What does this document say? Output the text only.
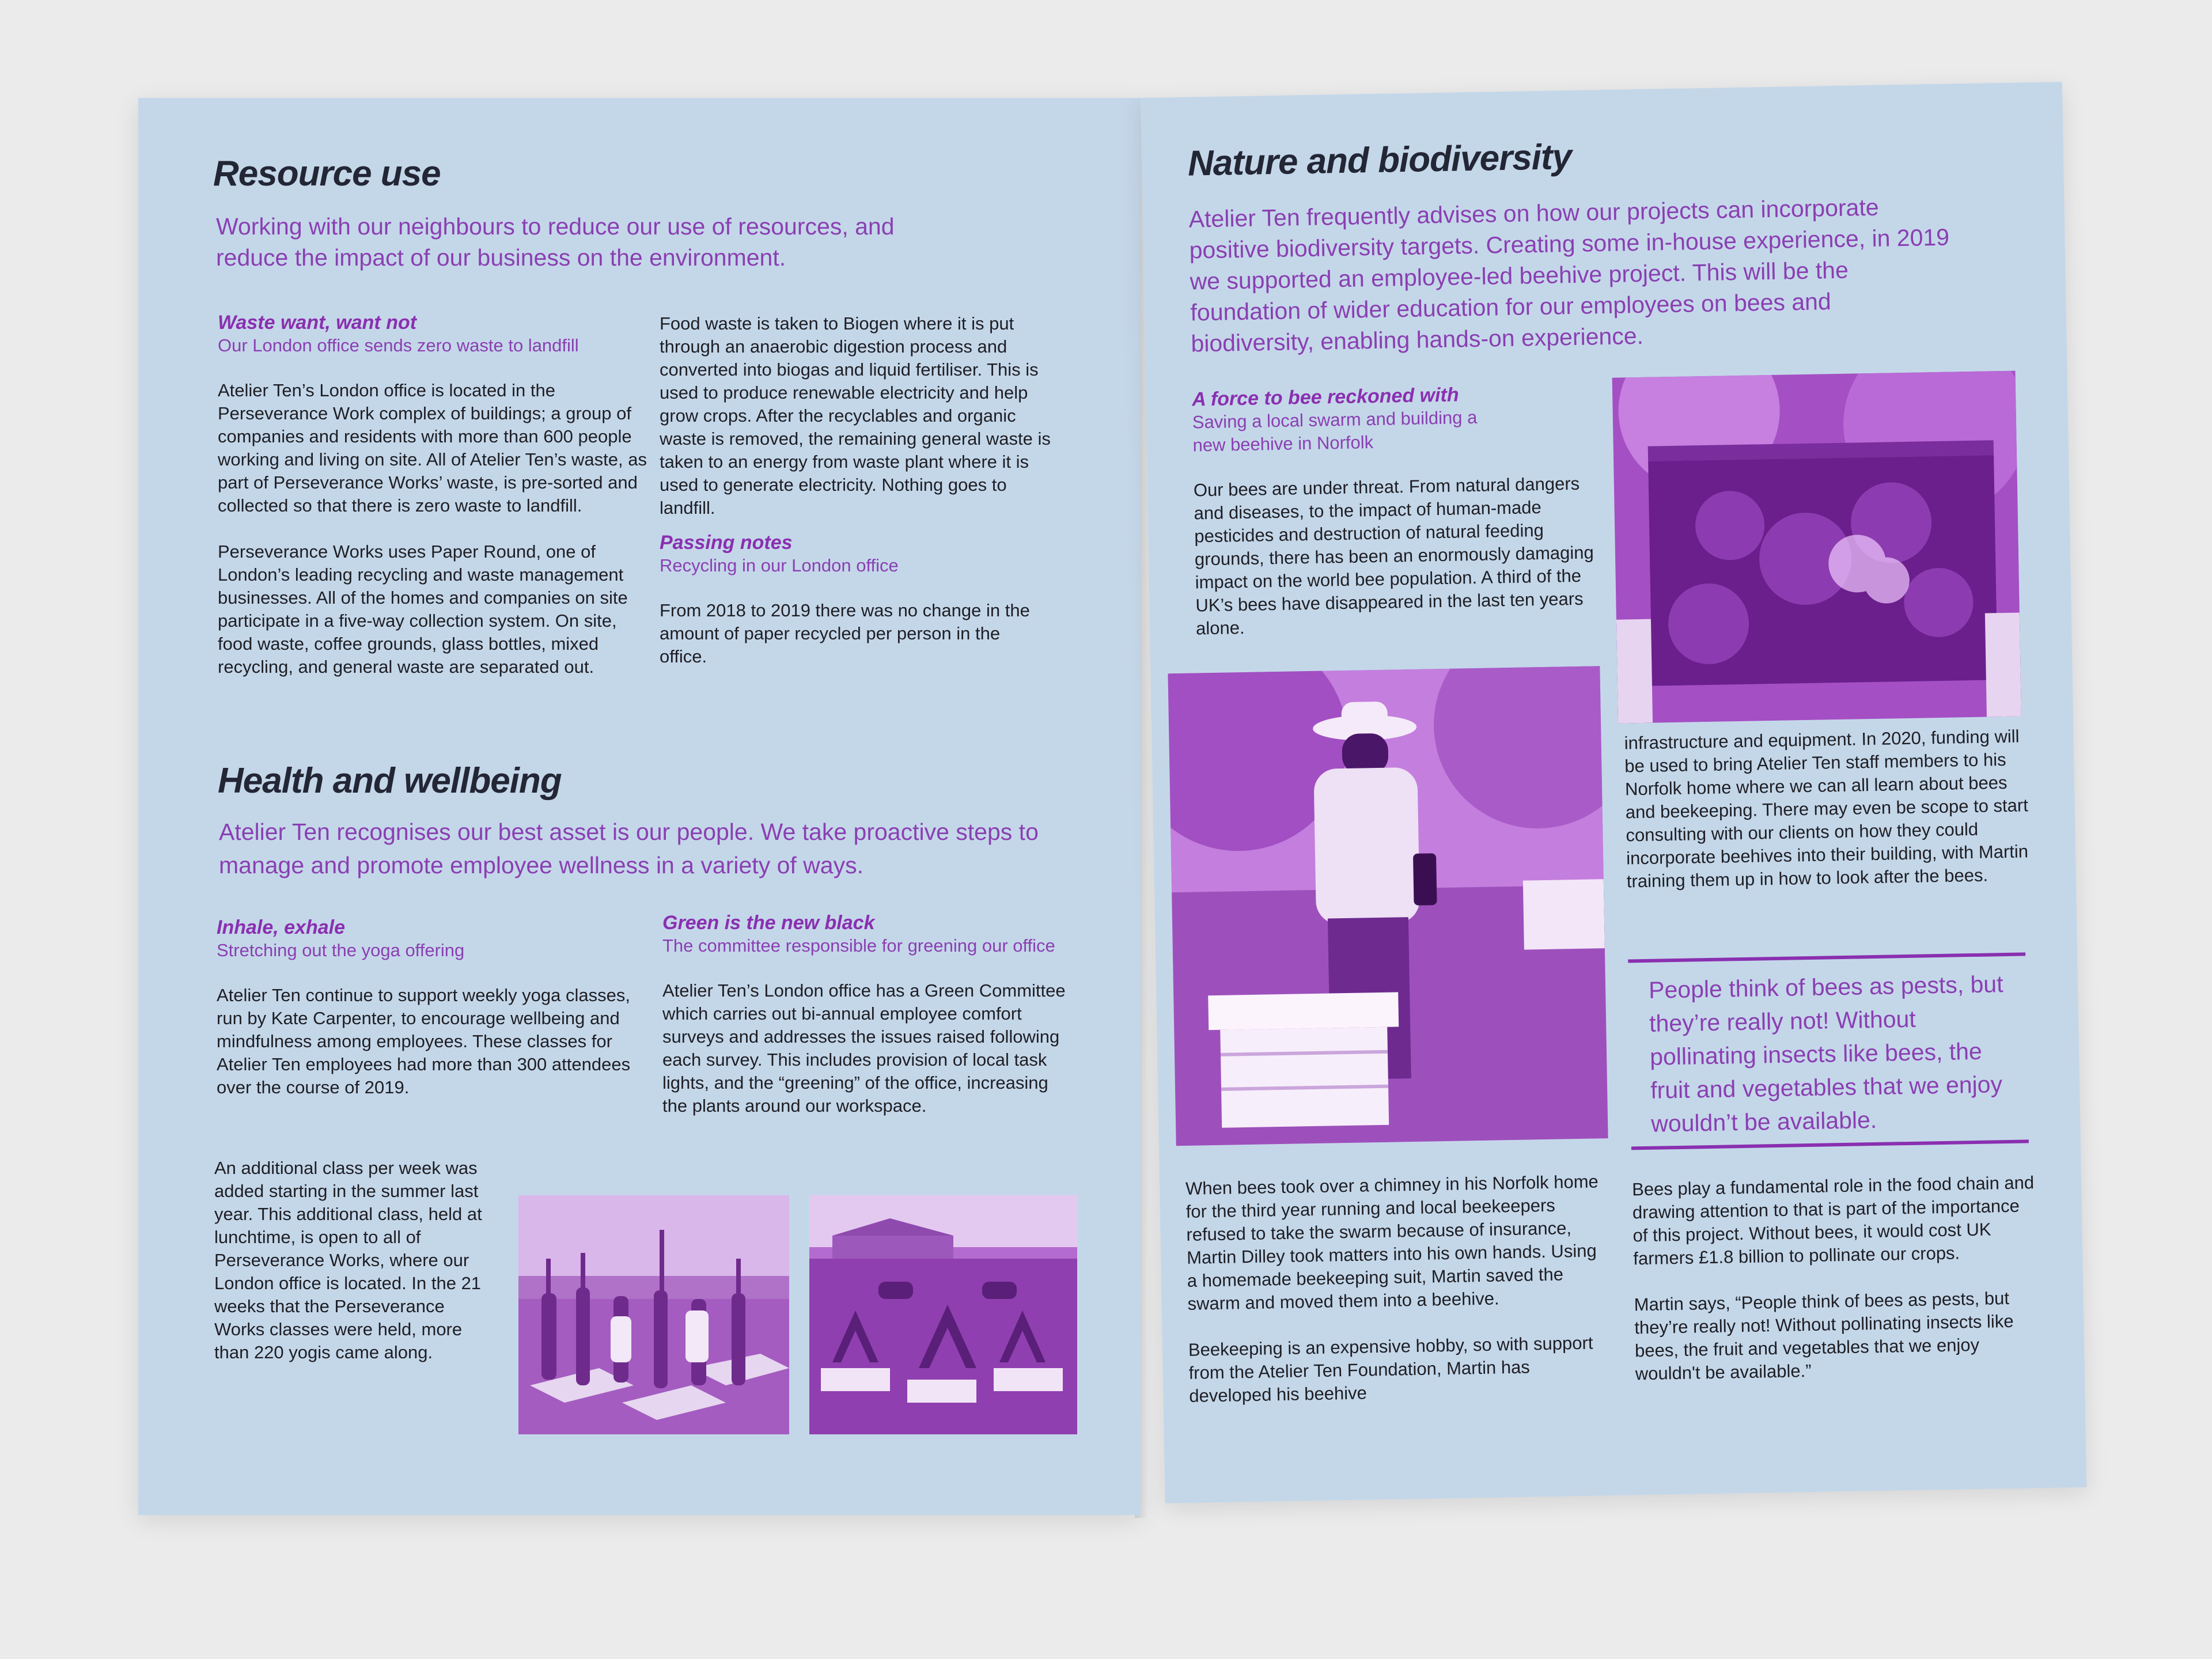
Resource use

Working with our neighbours to reduce our use of resources, and reduce the impact of our business on the environment.

Waste want, want not

Our London office sends zero waste to landfill

Atelier Ten’s London office is located in the Perseverance Work complex of buildings; a group of companies and residents with more than 600 people working and living on site. All of Atelier Ten’s waste, as part of Perseverance Works’ waste, is pre-sorted and collected so that there is zero waste to landfill.

Perseverance Works uses Paper Round, one of London’s leading recycling and waste management businesses. All of the homes and companies on site participate in a five-way collection system. On site, food waste, coffee grounds, glass bottles, mixed recycling, and general waste are separated out.

Food waste is taken to Biogen where it is put through an anaerobic digestion process and converted into biogas and liquid fertiliser. This is used to produce renewable electricity and help grow crops. After the recyclables and organic waste is removed, the remaining general waste is taken to an energy from waste plant where it is used to generate electricity. Nothing goes to landfill.

Passing notes

Recycling in our London office

From 2018 to 2019 there was no change in the amount of paper recycled per person in the office.

Health and wellbeing

Atelier Ten recognises our best asset is our people. We take proactive steps to manage and promote employee wellness in a variety of ways.

Inhale, exhale

Stretching out the yoga offering

Atelier Ten continue to support weekly yoga classes, run by Kate Carpenter, to encourage wellbeing and mindfulness among employees. These classes for Atelier Ten employees had more than 300 attendees over the course of 2019.

An additional class per week was added starting in the summer last year. This additional class, held at lunchtime, is open to all of Perseverance Works, where our London office is located. In the 21 weeks that the Perseverance Works classes were held, more than 220 yogis came along.

Green is the new black

The committee responsible for greening our office

Atelier Ten’s London office has a Green Committee which carries out bi-annual employee comfort surveys and addresses the issues raised following each survey. This includes provision of local task lights, and the “greening” of the office, increasing the plants around our workspace.

Nature and biodiversity

Atelier Ten frequently advises on how our projects can incorporate positive biodiversity targets. Creating some in-house experience, in 2019 we supported an employee-led beehive project. This will be the foundation of wider education for our employees on bees and biodiversity, enabling hands-on experience.

A force to bee reckoned with

Saving a local swarm and building a new beehive in Norfolk

Our bees are under threat. From natural dangers and diseases, to the impact of human-made pesticides and destruction of natural feeding grounds, there has been an enormously damaging impact on the world bee population. A third of the UK’s bees have disappeared in the last ten years alone.

infrastructure and equipment. In 2020, funding will be used to bring Atelier Ten staff members to his Norfolk home where we can all learn about bees and beekeeping. There may even be scope to start consulting with our clients on how they could incorporate beehives into their building, with Martin training them up in how to look after the bees.

People think of bees as pests, but they’re really not! Without pollinating insects like bees, the fruit and vegetables that we enjoy wouldn’t be available.

When bees took over a chimney in his Norfolk home for the third year running and local beekeepers refused to take the swarm because of insurance, Martin Dilley took matters into his own hands. Using a homemade beekeeping suit, Martin saved the swarm and moved them into a beehive.

Beekeeping is an expensive hobby, so with support from the Atelier Ten Foundation, Martin has developed his beehive

Bees play a fundamental role in the food chain and drawing attention to that is part of the importance of this project. Without bees, it would cost UK farmers £1.8 billion to pollinate our crops.

Martin says, “People think of bees as pests, but they’re really not! Without pollinating insects like bees, the fruit and vegetables that we enjoy wouldn't be available.”
